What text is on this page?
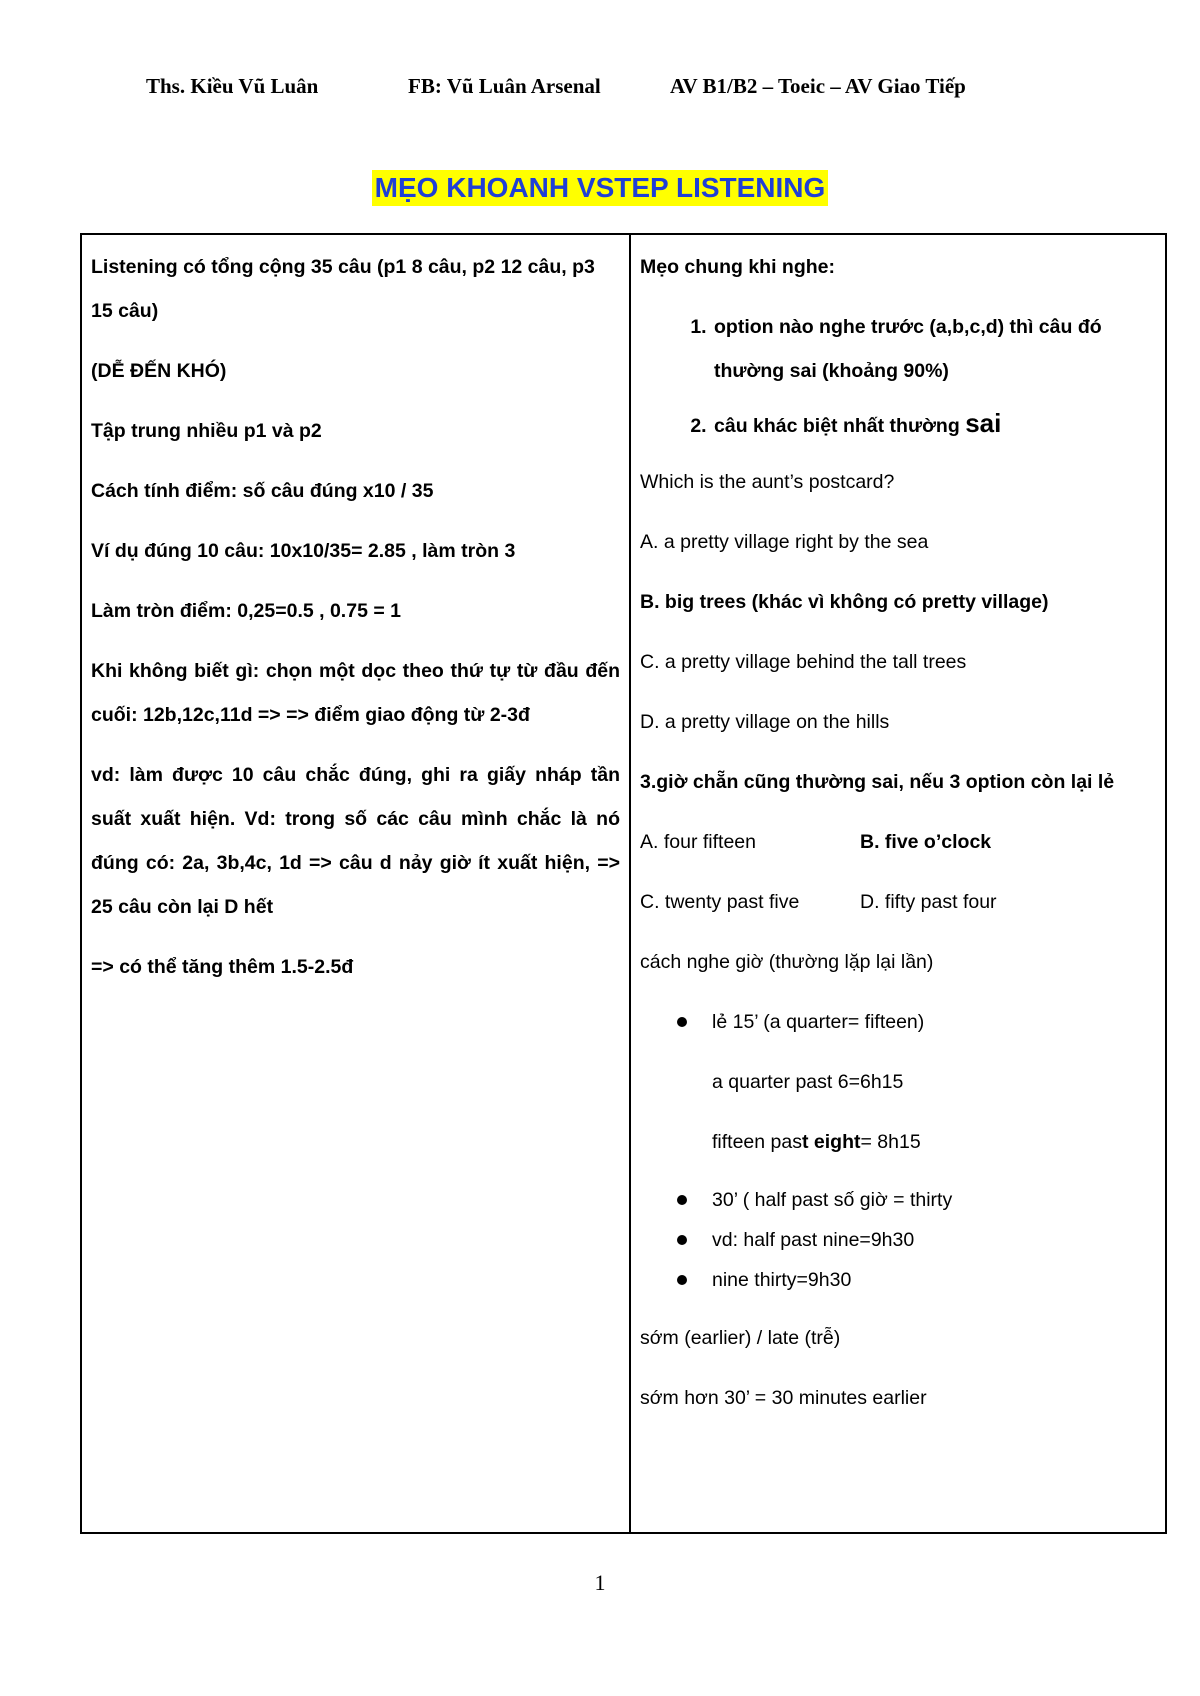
Ths. Kiều Vũ Luân	FB: Vũ Luân Arsenal	AV B1/B2 – Toeic – AV Giao Tiếp
MẸO KHOANH VSTEP LISTENING
Listening có tổng cộng 35 câu (p1 8 câu, p2 12 câu, p3 15 câu)
(DỄ ĐẾN KHÓ)
Tập trung nhiều p1 và p2
Cách tính điểm: số câu đúng x10 / 35
Ví dụ đúng 10 câu: 10x10/35= 2.85 , làm tròn 3
Làm tròn điểm: 0,25=0.5 , 0.75 = 1
Khi không biết gì: chọn một dọc theo thứ tự từ đầu đến cuối: 12b,12c,11d => => điểm giao động từ 2-3đ
vd: làm được 10 câu chắc đúng, ghi ra giấy nháp tần suất xuất hiện. Vd: trong số các câu mình chắc là nó đúng có: 2a, 3b,4c, 1d => câu d nảy giờ ít xuất hiện, => 25 câu còn lại D hết
=> có thể tăng thêm 1.5-2.5đ

Mẹo chung khi nghe:
1. option nào nghe trước (a,b,c,d) thì câu đó thường sai (khoảng 90%)
2. câu khác biệt nhất thường sai
Which is the aunt’s postcard?
A. a pretty village right by the sea
B. big trees (khác vì không có pretty village)
C. a pretty village behind the tall trees
D. a pretty village on the hills
3.giờ chẵn cũng thường sai, nếu 3 option còn lại lẻ
A. four fifteen	B. five o’clock
C. twenty past five	D. fifty past four
cách nghe giờ (thường lặp lại lần)
lẻ 15’ (a quarter= fifteen)
a quarter past 6=6h15
fifteen past eight= 8h15
30’ ( half past số giờ = thirty
vd: half past nine=9h30
nine thirty=9h30
sớm (earlier) / late (trễ)
sớm hơn 30’ = 30 minutes earlier
1
